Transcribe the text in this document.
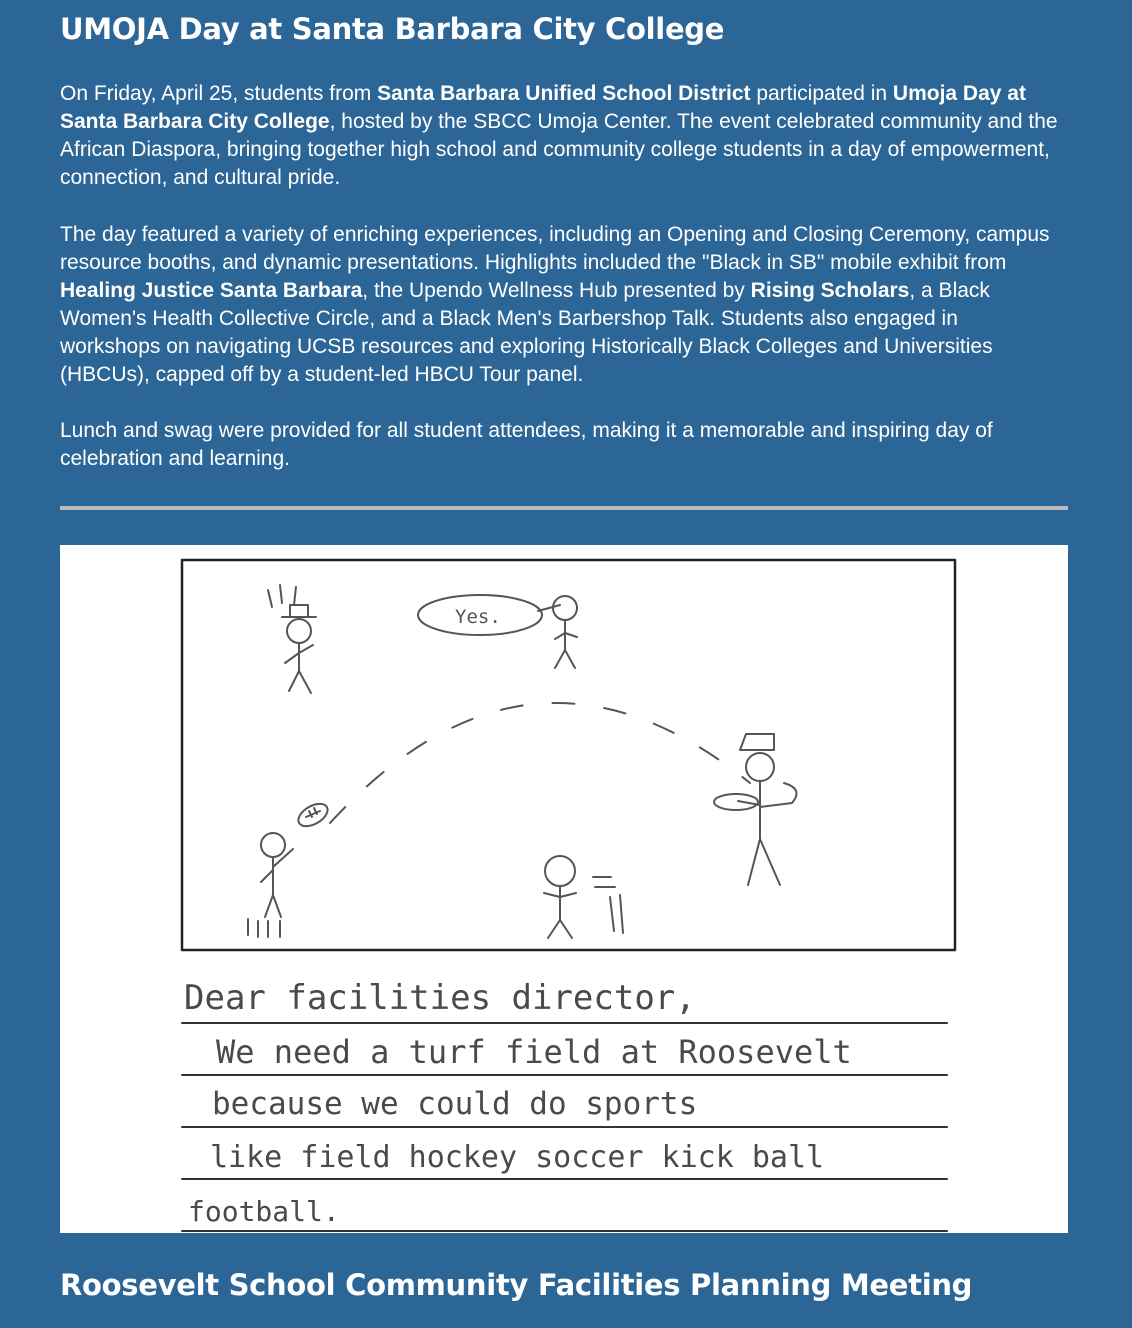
UMOJA Day at Santa Barbara City College

On Friday, April 25, students from Santa Barbara Unified School District participated in Umoja Day at Santa Barbara City College, hosted by the SBCC Umoja Center. The event celebrated community and the African Diaspora, bringing together high school and community college students in a day of empowerment, connection, and cultural pride.

The day featured a variety of enriching experiences, including an Opening and Closing Ceremony, campus resource booths, and dynamic presentations. Highlights included the "Black in SB" mobile exhibit from Healing Justice Santa Barbara, the Upendo Wellness Hub presented by Rising Scholars, a Black Women's Health Collective Circle, and a Black Men's Barbershop Talk. Students also engaged in workshops on navigating UCSB resources and exploring Historically Black Colleges and Universities (HBCUs), capped off by a student-led HBCU Tour panel.

Lunch and swag were provided for all student attendees, making it a memorable and inspiring day of celebration and learning.

Yes.
Dear facilities director,
We need a turf field at Roosevelt
because we could do sports
like field hockey soccer kick ball
football.
Roosevelt School Community Facilities Planning Meeting
